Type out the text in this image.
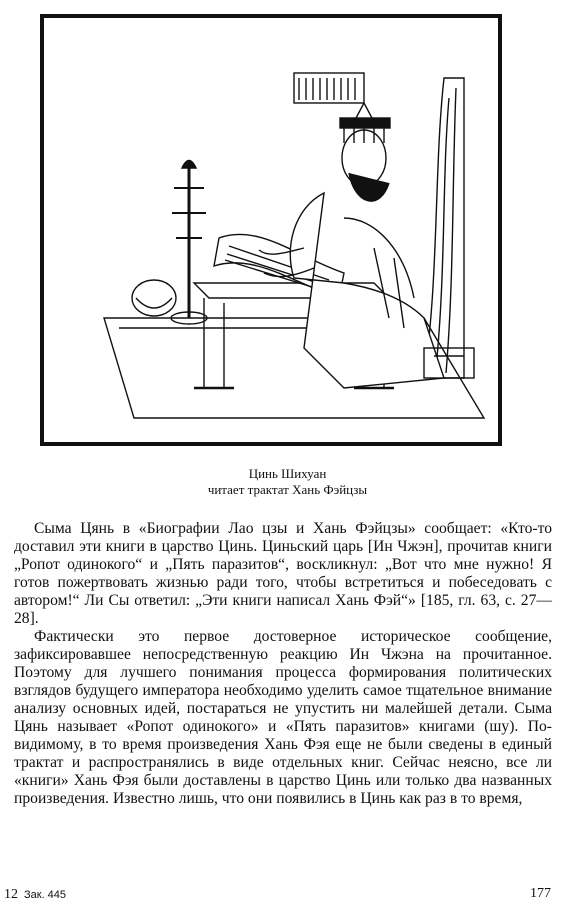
Цинь Шихуан
читает трактат Хань Фэйцзы

Сыма Цянь в «Биографии Лао цзы и Хань Фэйцзы» сообщает: «Кто-то доставил эти книги в царство Цинь. Циньский царь [Ин Чжэн], прочитав книги „Ропот одинокого“ и „Пять паразитов“, воскликнул: „Вот что мне нужно! Я готов пожертвовать жизнью ради того, чтобы встретиться и побеседовать с автором!“ Ли Сы ответил: „Эти книги написал Хань Фэй“» [185, гл. 63, с. 27—28].

Фактически это первое достоверное историческое сообщение, зафиксировавшее непосредственную реакцию Ин Чжэна на прочитанное. Поэтому для лучшего понимания процесса формирования политических взглядов будущего императора необходимо уделить самое тщательное внимание анализу основных идей, постараться не упустить ни малейшей детали. Сыма Цянь называет «Ропот одинокого» и «Пять паразитов» книгами (шу). По-видимому, в то время произведения Хань Фэя еще не были сведены в единый трактат и распространялись в виде отдельных книг. Сейчас неясно, все ли «книги» Хань Фэя были доставлены в царство Цинь или только два названных произведения. Известно лишь, что они появились в Цинь как раз в то время,

12 Зак. 445	177
